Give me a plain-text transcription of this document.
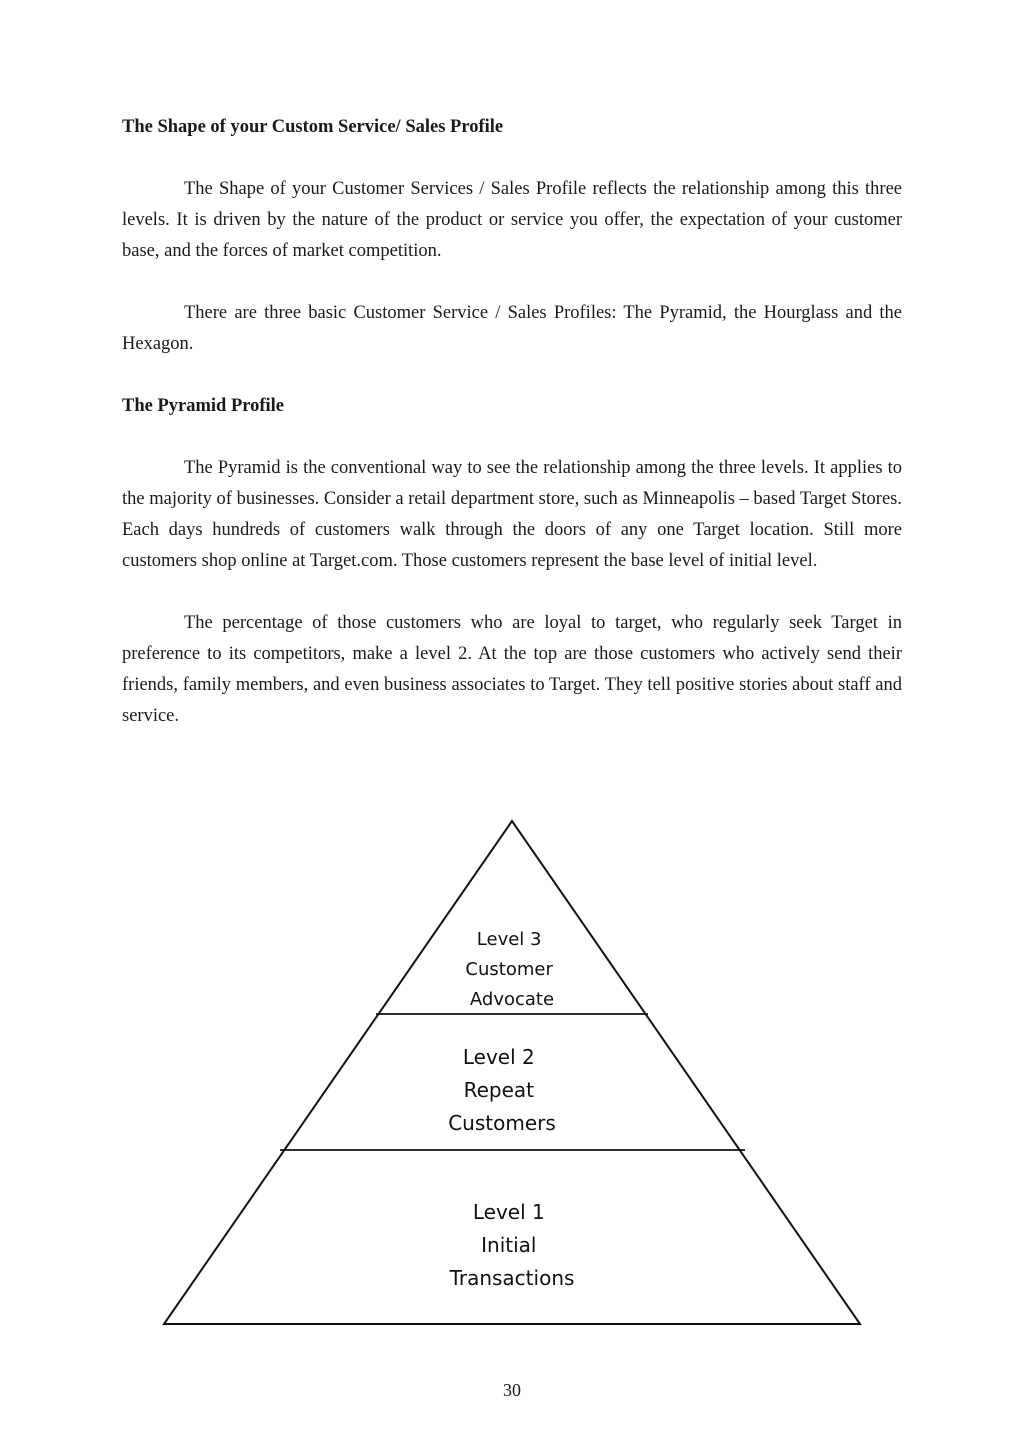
The Shape of your Custom Service/ Sales Profile

The Shape of your Customer Services / Sales Profile reflects the relationship among this three levels. It is driven by the nature of the product or service you offer, the expectation of your customer base, and the forces of market competition.

There are three basic Customer Service / Sales Profiles: The Pyramid, the Hourglass and the Hexagon.

The Pyramid Profile

The Pyramid is the conventional way to see the relationship among the three levels. It applies to the majority of businesses. Consider a retail department store, such as Minneapolis – based Target Stores. Each days hundreds of customers walk through the doors of any one Target location. Still more customers shop online at Target.com. Those customers represent the base level of initial level.

The percentage of those customers who are loyal to target, who regularly seek Target in preference to its competitors, make a level 2. At the top are those customers who actively send their friends, family members, and even business associates to Target. They tell positive stories about staff and service.

Level 3 Customer Advocate
Level 2 Repeat Customers
Level 1 Initial Transactions
30
